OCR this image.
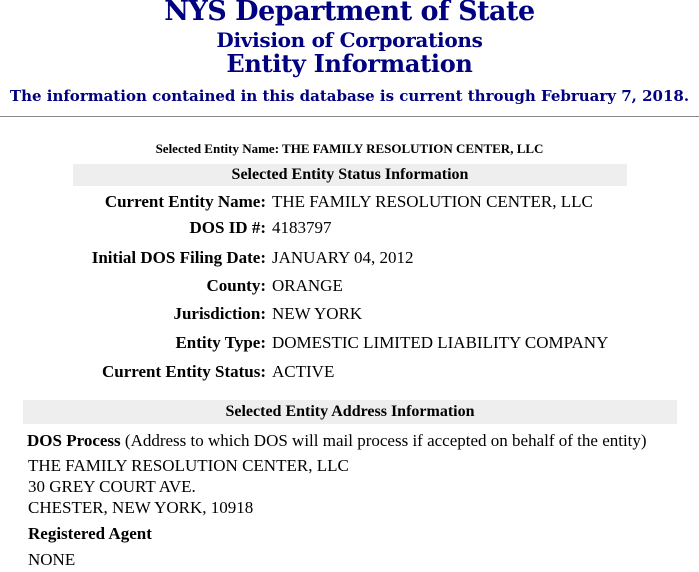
NYS Department of State
Division of Corporations
Entity Information
The information contained in this database is current through February 7, 2018.
Selected Entity Name: THE FAMILY RESOLUTION CENTER, LLC
Selected Entity Status Information
Current Entity Name: THE FAMILY RESOLUTION CENTER, LLC
DOS ID #: 4183797
Initial DOS Filing Date: JANUARY 04, 2012
County: ORANGE
Jurisdiction: NEW YORK
Entity Type: DOMESTIC LIMITED LIABILITY COMPANY
Current Entity Status: ACTIVE
Selected Entity Address Information
DOS Process (Address to which DOS will mail process if accepted on behalf of the entity)
THE FAMILY RESOLUTION CENTER, LLC
30 GREY COURT AVE.
CHESTER, NEW YORK, 10918
Registered Agent
NONE
